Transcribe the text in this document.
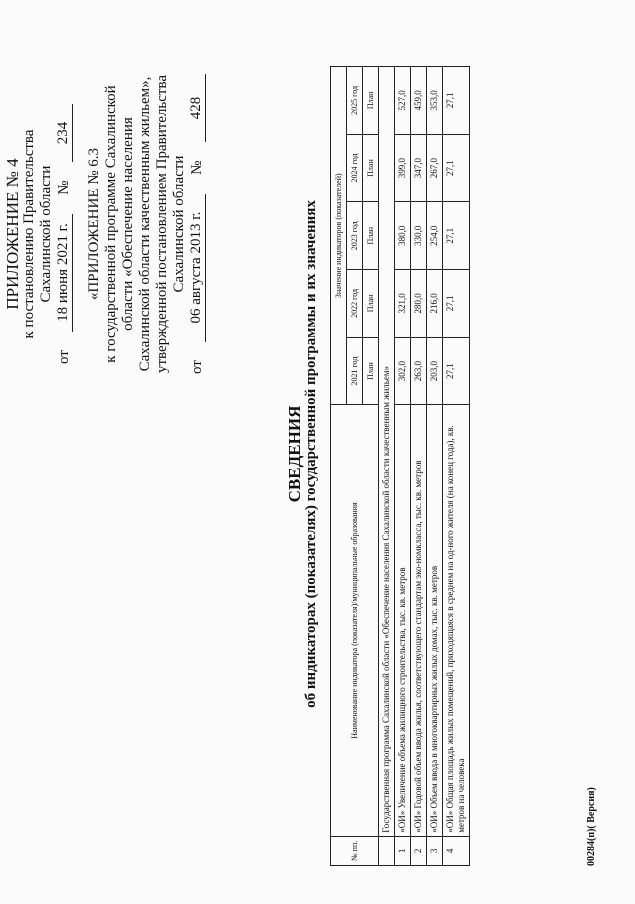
ПРИЛОЖЕНИЕ № 4 к постановлению Правительства Сахалинской области
от
18 июня 2021 г.
№
234
«ПРИЛОЖЕНИЕ № 6.3 к государственной программе Сахалинской области «Обеспечение населения Сахалинской области качественным жильем», утвержденной постановлением Правительства Сахалинской области
от
06 августа 2013 г.
№
428
СВЕДЕНИЯ об индикаторах (показателях) государственной программы и их значениях
№ пп.	Наименование индикатора (показателя)/муниципальные образования	Значение индикаторов (показателей)				
		2021 год	2022 год	2023 год	2024 год	2025 год
		План	План	План	План	План
	Государственная программа Сахалинской области «Обеспечение населения Сахалинской области качественным жильем»					
1	«ОИ» Увеличение объема жилищного строительства, тыс. кв. метров	302,0	321,0	380,0	399,0	527,0
2	«ОИ» Годовой объем ввода жилья, соответствующего стандартам эко-номкласса, тыс. кв. метров	263,0	280,0	330,0	347,0	459,0
3	«ОИ» Объем ввода в многоквартирных жилых домах, тыс. кв. метров	203,0	216,0	254,0	267,0	353,0
4	«ОИ» Общая площадь жилых помещений, приходящаяся в среднем на од-ного жителя (на конец года), кв. метров на человека	27,1	27,1	27,1	27,1	27,1
00284(п)( Версия)
